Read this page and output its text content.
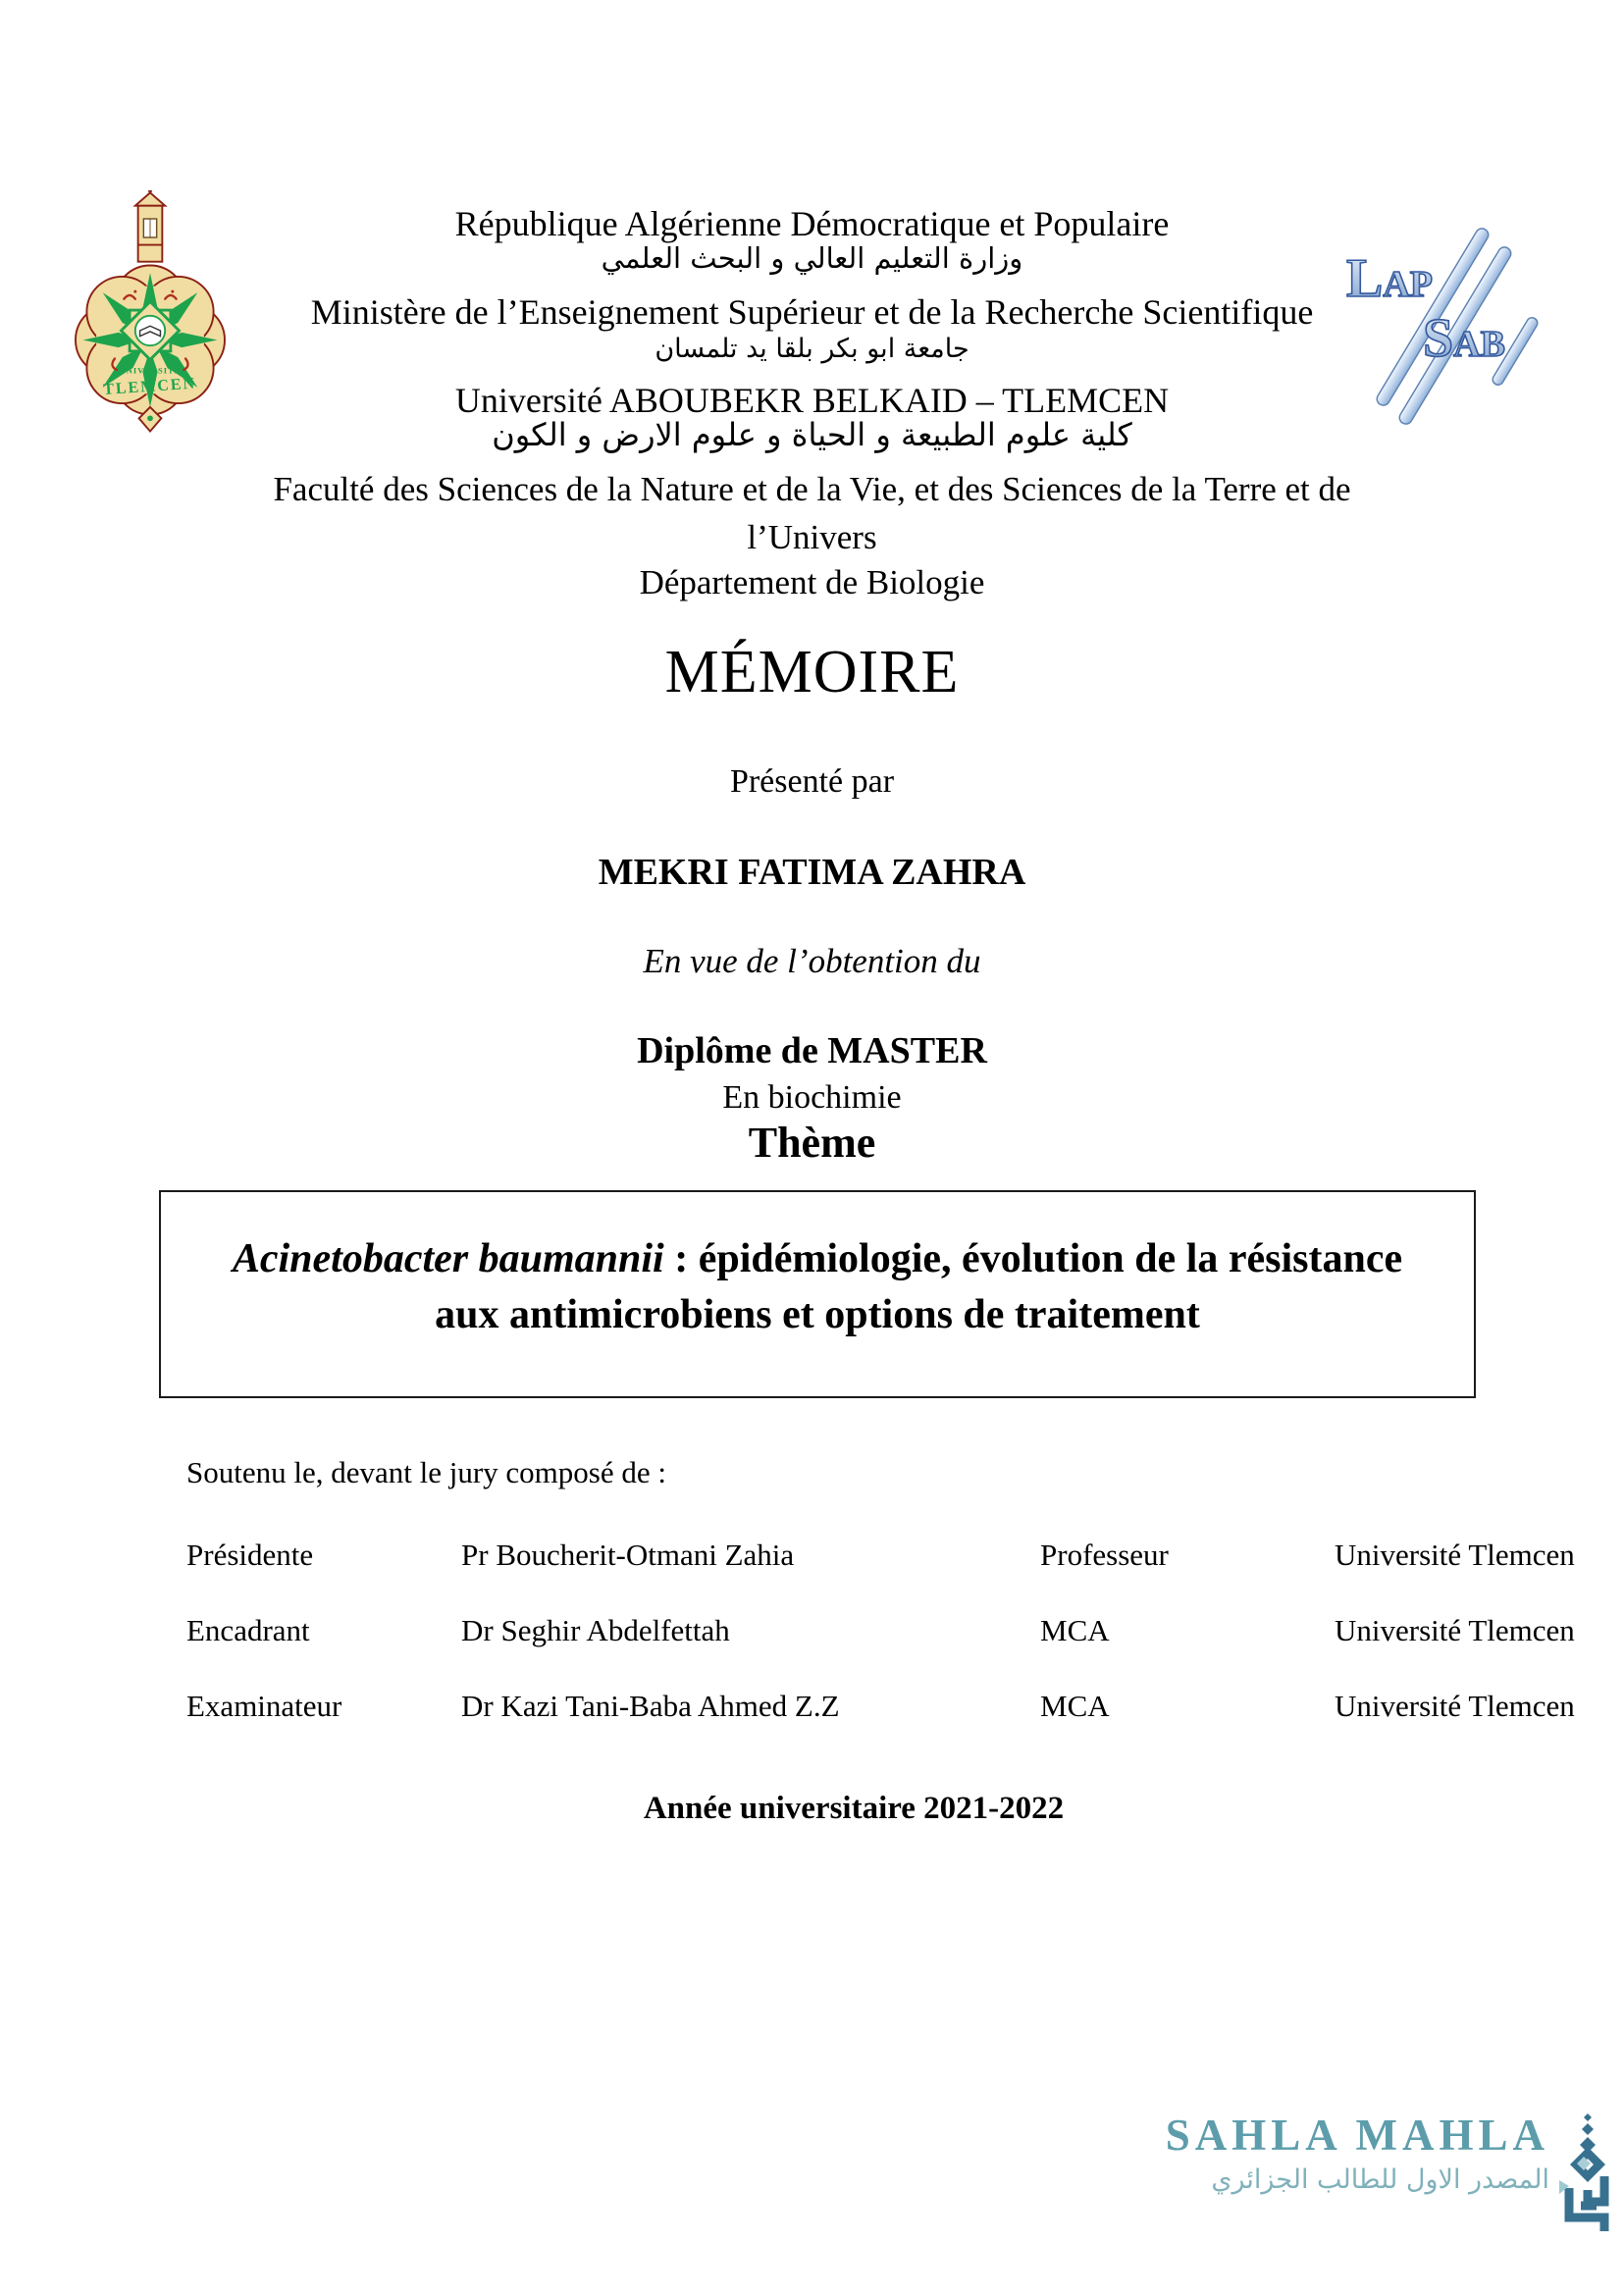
UNIVERSITE
TLEMCEN
LAP
SAB
République Algérienne Démocratique et Populaire
وزارة التعليم العالي و البحث العلمي
Ministère de l’Enseignement Supérieur et de la Recherche Scientifique
جامعة ابو بكر بلقا يد تلمسان
Université ABOUBEKR BELKAID – TLEMCEN
كلية علوم الطبيعة و الحياة و علوم الارض و الكون
Faculté des Sciences de la Nature et de la Vie, et des Sciences de la Terre et de
l’Univers
Département de Biologie
MÉMOIRE
Présenté par
MEKRI FATIMA ZAHRA
En vue de l’obtention du
Diplôme de MASTER
En biochimie
Thème
Acinetobacter baumannii : épidémiologie, évolution de la résistance aux antimicrobiens et options de traitement
Soutenu le, devant le jury composé de :
Présidente	Pr Boucherit-Otmani Zahia	Professeur	Université Tlemcen
Encadrant	Dr Seghir Abdelfettah	MCA	Université Tlemcen
Examinateur	Dr Kazi Tani-Baba Ahmed Z.Z	MCA	Université Tlemcen
Année universitaire 2021-2022
SAHLA MAHLA
المصدر الاول للطالب الجزائري
